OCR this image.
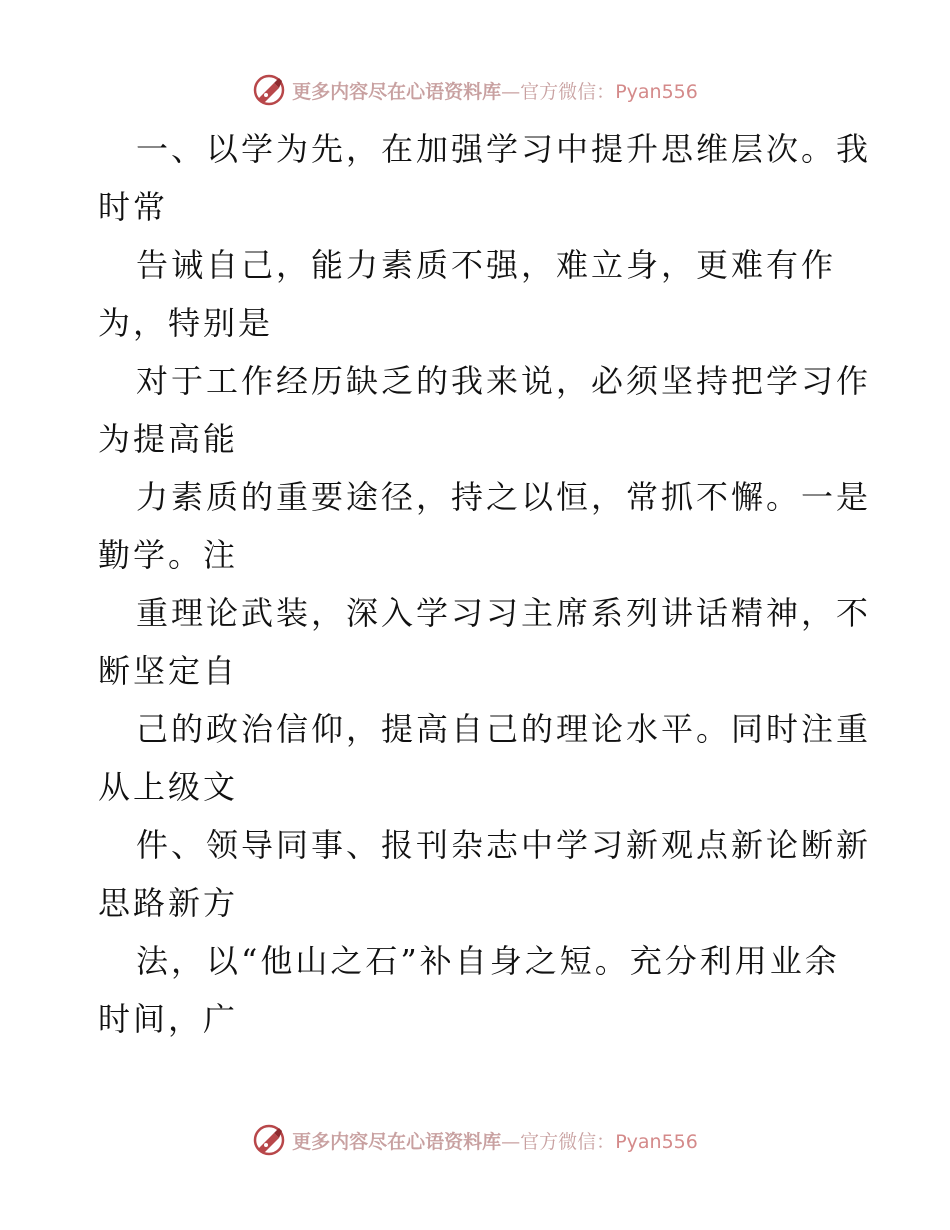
更多内容尽在心语资料库—官方微信：Pyan556
一、以学为先，在加强学习中提升思维层次。我
时常
告诫自己，能力素质不强，难立身，更难有作
为，特别是
对于工作经历缺乏的我来说，必须坚持把学习作
为提高能
力素质的重要途径，持之以恒，常抓不懈。一是
勤学。注
重理论武装，深入学习习主席系列讲话精神，不
断坚定自
己的政治信仰，提高自己的理论水平。同时注重
从上级文
件、领导同事、报刊杂志中学习新观点新论断新
思路新方
法，以“他山之石”补自身之短。充分利用业余
时间，广
更多内容尽在心语资料库—官方微信：Pyan556
